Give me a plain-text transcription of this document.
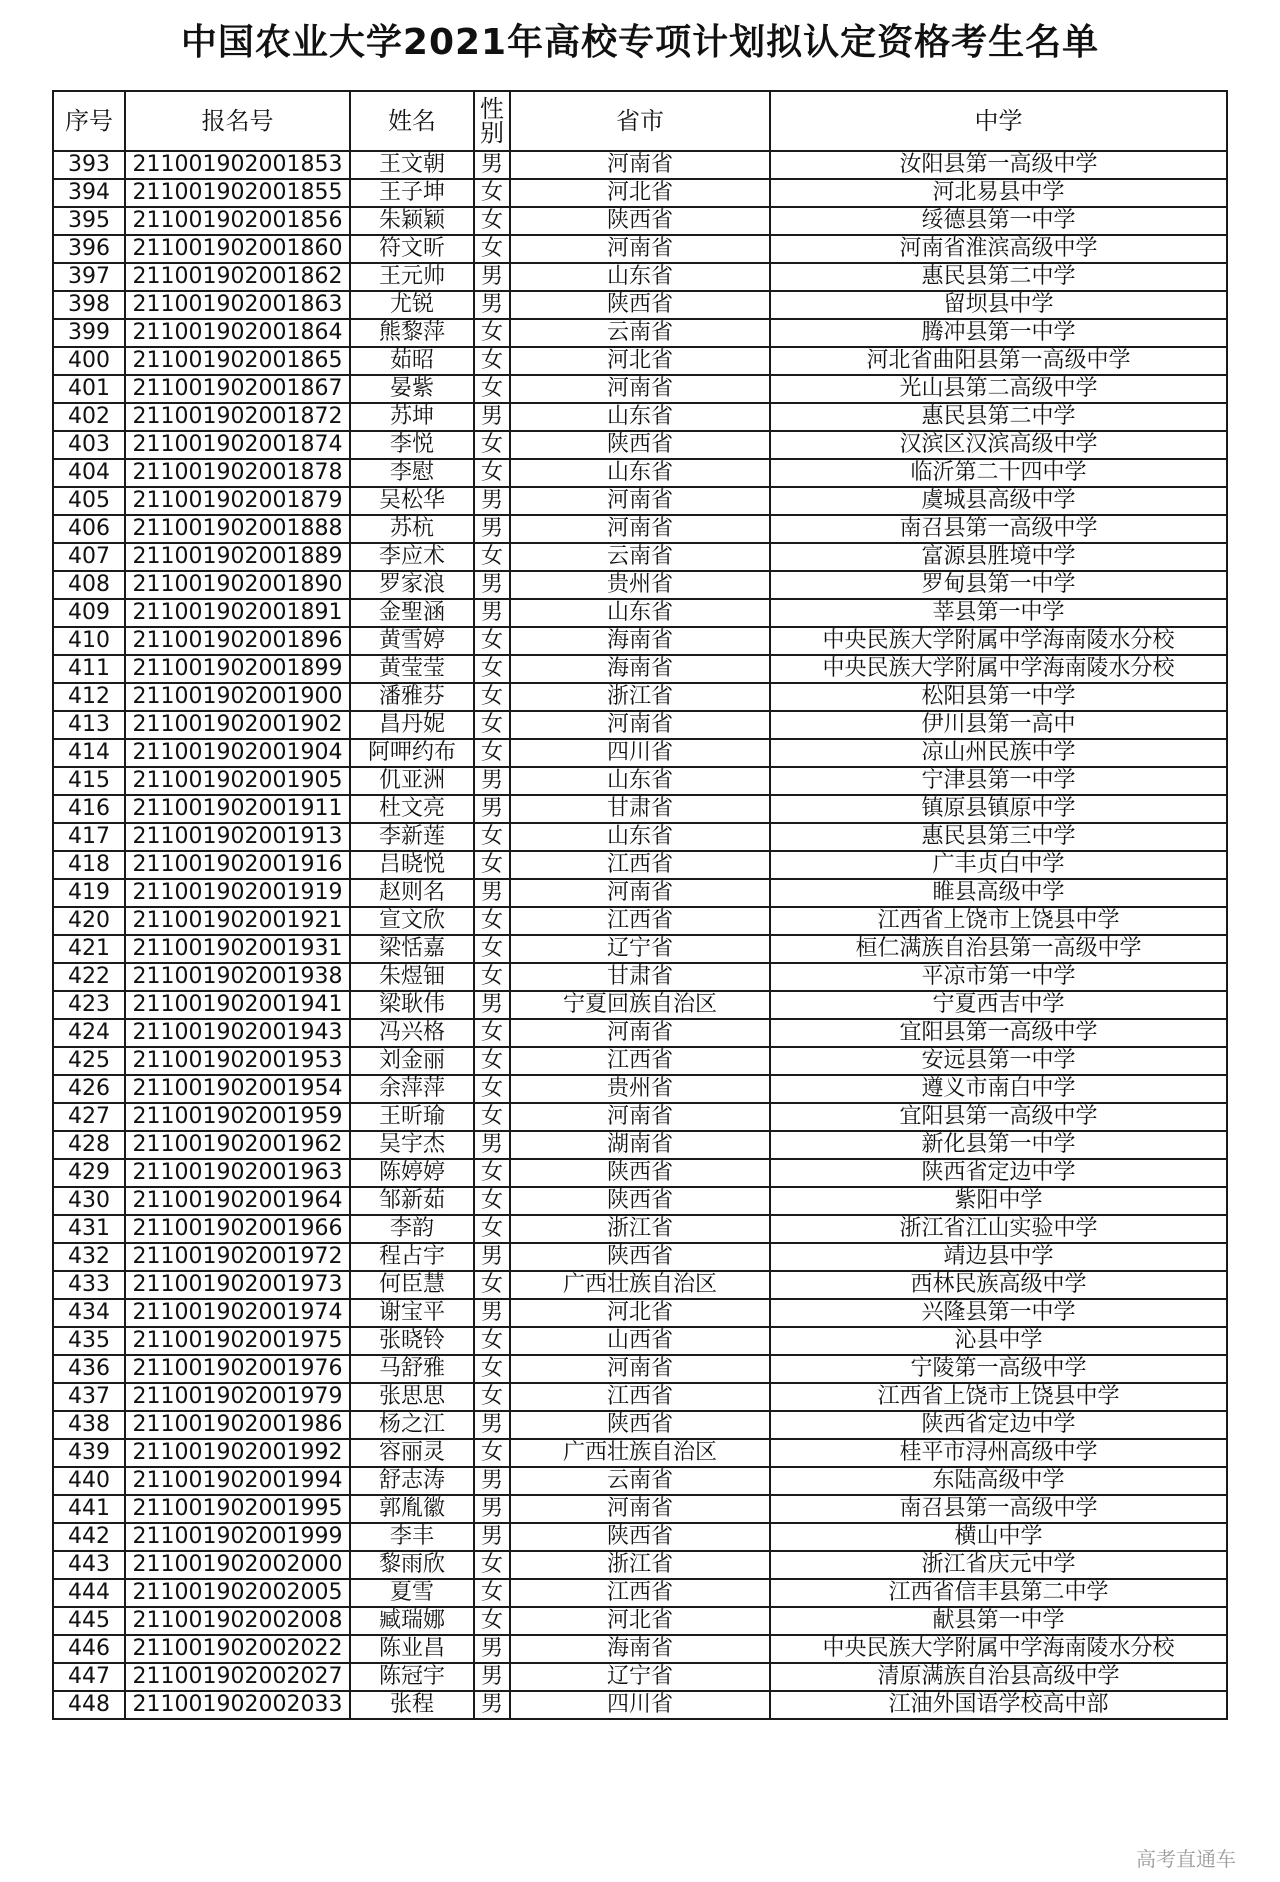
中国农业大学2021年高校专项计划拟认定资格考生名单
序号	报名号	姓名	性别	省市	中学
393	211001902001853	王文朝	男	河南省	汝阳县第一高级中学
394	211001902001855	王子坤	女	河北省	河北易县中学
395	211001902001856	朱颖颖	女	陕西省	绥德县第一中学
396	211001902001860	符文昕	女	河南省	河南省淮滨高级中学
397	211001902001862	王元帅	男	山东省	惠民县第二中学
398	211001902001863	尤锐	男	陕西省	留坝县中学
399	211001902001864	熊黎萍	女	云南省	腾冲县第一中学
400	211001902001865	茹昭	女	河北省	河北省曲阳县第一高级中学
401	211001902001867	晏紫	女	河南省	光山县第二高级中学
402	211001902001872	苏坤	男	山东省	惠民县第二中学
403	211001902001874	李悦	女	陕西省	汉滨区汉滨高级中学
404	211001902001878	李慰	女	山东省	临沂第二十四中学
405	211001902001879	吴松华	男	河南省	虞城县高级中学
406	211001902001888	苏杭	男	河南省	南召县第一高级中学
407	211001902001889	李应术	女	云南省	富源县胜境中学
408	211001902001890	罗家浪	男	贵州省	罗甸县第一中学
409	211001902001891	金聖涵	男	山东省	莘县第一中学
410	211001902001896	黄雪婷	女	海南省	中央民族大学附属中学海南陵水分校
411	211001902001899	黄莹莹	女	海南省	中央民族大学附属中学海南陵水分校
412	211001902001900	潘雅芬	女	浙江省	松阳县第一中学
413	211001902001902	昌丹妮	女	河南省	伊川县第一高中
414	211001902001904	阿呷约布	女	四川省	凉山州民族中学
415	211001902001905	仉亚洲	男	山东省	宁津县第一中学
416	211001902001911	杜文亮	男	甘肃省	镇原县镇原中学
417	211001902001913	李新莲	女	山东省	惠民县第三中学
418	211001902001916	吕晓悦	女	江西省	广丰贞白中学
419	211001902001919	赵则名	男	河南省	睢县高级中学
420	211001902001921	宣文欣	女	江西省	江西省上饶市上饶县中学
421	211001902001931	梁恬嘉	女	辽宁省	桓仁满族自治县第一高级中学
422	211001902001938	朱煜钿	女	甘肃省	平凉市第一中学
423	211001902001941	梁耿伟	男	宁夏回族自治区	宁夏西吉中学
424	211001902001943	冯兴格	女	河南省	宜阳县第一高级中学
425	211001902001953	刘金丽	女	江西省	安远县第一中学
426	211001902001954	余萍萍	女	贵州省	遵义市南白中学
427	211001902001959	王昕瑜	女	河南省	宜阳县第一高级中学
428	211001902001962	吴宇杰	男	湖南省	新化县第一中学
429	211001902001963	陈婷婷	女	陕西省	陕西省定边中学
430	211001902001964	邹新茹	女	陕西省	紫阳中学
431	211001902001966	李韵	女	浙江省	浙江省江山实验中学
432	211001902001972	程占宇	男	陕西省	靖边县中学
433	211001902001973	何臣慧	女	广西壮族自治区	西林民族高级中学
434	211001902001974	谢宝平	男	河北省	兴隆县第一中学
435	211001902001975	张晓铃	女	山西省	沁县中学
436	211001902001976	马舒雅	女	河南省	宁陵第一高级中学
437	211001902001979	张思思	女	江西省	江西省上饶市上饶县中学
438	211001902001986	杨之江	男	陕西省	陕西省定边中学
439	211001902001992	容丽灵	女	广西壮族自治区	桂平市浔州高级中学
440	211001902001994	舒志涛	男	云南省	东陆高级中学
441	211001902001995	郭胤徽	男	河南省	南召县第一高级中学
442	211001902001999	李丰	男	陕西省	横山中学
443	211001902002000	黎雨欣	女	浙江省	浙江省庆元中学
444	211001902002005	夏雪	女	江西省	江西省信丰县第二中学
445	211001902002008	臧瑞娜	女	河北省	献县第一中学
446	211001902002022	陈业昌	男	海南省	中央民族大学附属中学海南陵水分校
447	211001902002027	陈冠宇	男	辽宁省	清原满族自治县高级中学
448	211001902002033	张程	男	四川省	江油外国语学校高中部
高考直通车
